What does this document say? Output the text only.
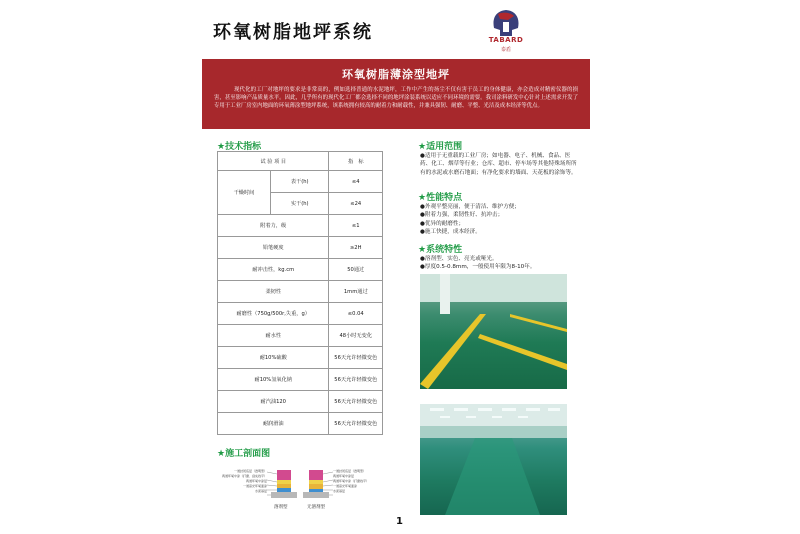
环氧树脂地坪系统	TABARD
泰盾
环氧树脂薄涂型地坪
现代化的工厂对地坪的要求是非常高的，例如选择普通的水泥地坪，工作中产生的扬尘不仅有害于员工的身体健康，亦会造成对精密仪器的损害，甚至影响产品质量水平。因此，几乎所有的现代化工厂都会选择不同的地坪涂装系统以适应不同环境的需要。我司涂料研发中心针对上述需求开发了专用于工业厂房室内地面的环氧薄涂型地坪系统，该系统拥有较高的耐着力和耐载性，并兼具强韧、耐磨、平整、光洁及成本经济等优点。
★技术指标
试 验 项 目		指　标
干燥时间	表干(h)	≤4
	实干(h)	≤24
附着力，级		≤1
铅笔硬度		≥2H
耐冲击性，kg.cm		50通过
柔韧性		1mm通过
耐磨性（750g/500r,失重，g）		≤0.04
耐水性		48小时无变化
耐10%硫酸		56天允许轻微变色
耐10%氢氧化钠		56天允许轻微变色
耐汽油120		56天允许轻微变色
耐润滑油		56天允许轻微变色
★适用范围
●适用于无重载的工业厂房；如电器、电子、机械、食品、医药、化工、烟草等行业；仓库、超市、停车场等其他特殊场所所有的水泥或水磨石地面；有净化要求的墙面、天花板的涂饰等。
★性能特点
●外观平整亮丽，便于清洁、维护方便；
●附着力强，柔韧性好、抗冲击；
●优异的耐磨性；
●施工快捷，成本经济。
★系统特性
●溶剂型、实色、亮光或哑光。
●厚度0.5-0.8mm，一般使用年限为8-10年。
★施工剖面图
一道封闭底层（透明型）
两道环氧中涂（打磨、刮灰找平）
两道环氧中涂层
一道高光环氧面涂
水泥基层
一道封闭底层（透明型）
两道环氧中涂层
两道环氧中涂（打磨找平）
一道高光环氧面涂
水泥基层
溶剂型	无溶剂型
1
